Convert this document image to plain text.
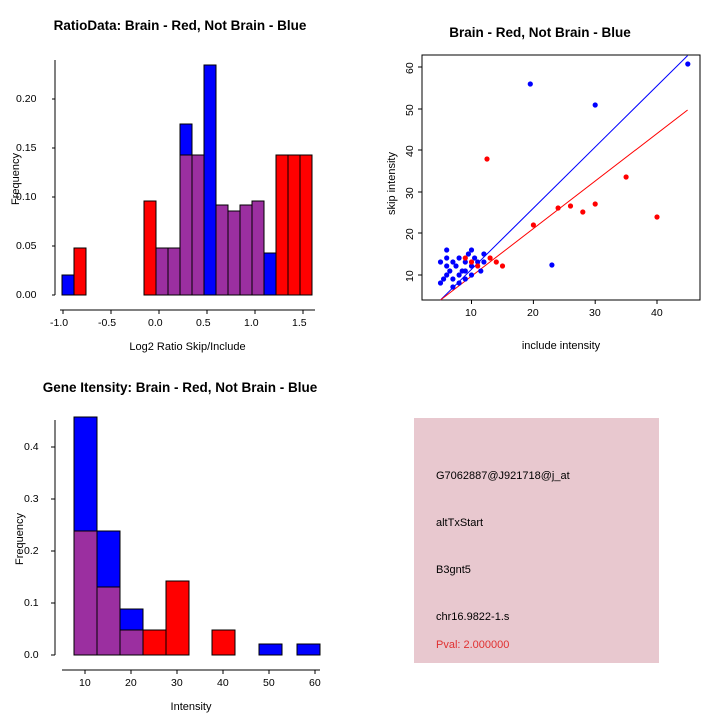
RatioData: Brain - Red, Not Brain - Blue
0.00
0.05
0.10
0.15
0.20
-1.0	-0.5	0.0	0.5	1.0	1.5
Log2 Ratio Skip/Include
Frequency
Brain - Red, Not Brain - Blue
10
20
30
40
50
60
10	20	30	40
include intensity
skip intensity
Gene Itensity: Brain - Red, Not Brain - Blue
0.0
0.1
0.2
0.3
0.4
10	20	30	40	50	60
Intensity
Frequency
G7062887@J921718@j_at
altTxStart
B3gnt5
chr16.9822-1.s
Pval: 2.000000
